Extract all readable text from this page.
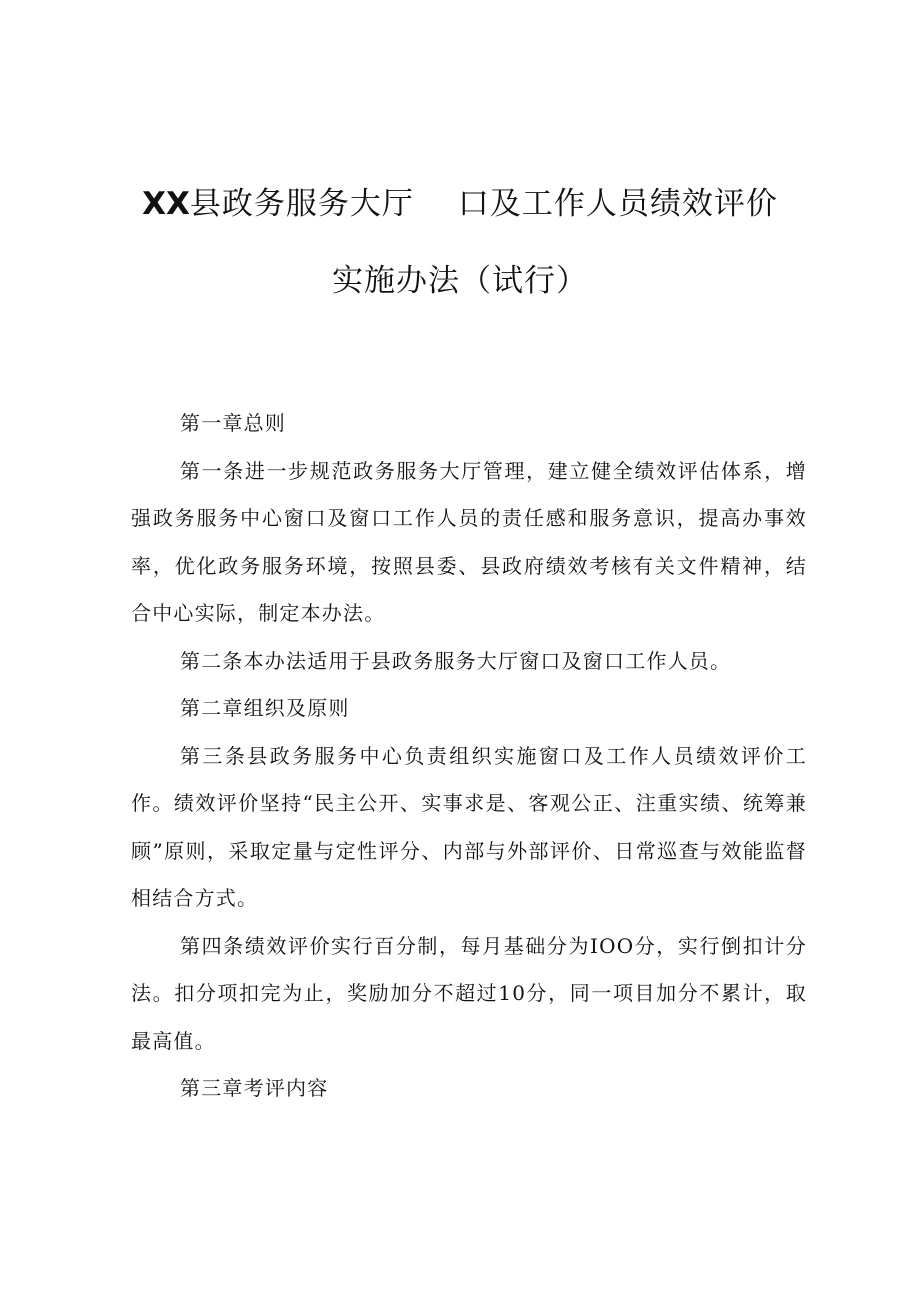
XX县政务服务大厅 口及工作人员绩效评价
实施办法（试行）

第一章总则

第一条进一步规范政务服务大厅管理，建立健全绩效评估体系，增强政务服务中心窗口及窗口工作人员的责任感和服务意识，提高办事效率，优化政务服务环境，按照县委、县政府绩效考核有关文件精神，结合中心实际，制定本办法。

第二条本办法适用于县政务服务大厅窗口及窗口工作人员。

第二章组织及原则

第三条县政务服务中心负责组织实施窗口及工作人员绩效评价工作。绩效评价坚持“民主公开、实事求是、客观公正、注重实绩、统筹兼顾”原则，采取定量与定性评分、内部与外部评价、日常巡查与效能监督相结合方式。

第四条绩效评价实行百分制，每月基础分为IOO分，实行倒扣计分法。扣分项扣完为止，奖励加分不超过10分，同一项目加分不累计，取最高值。

第三章考评内容
